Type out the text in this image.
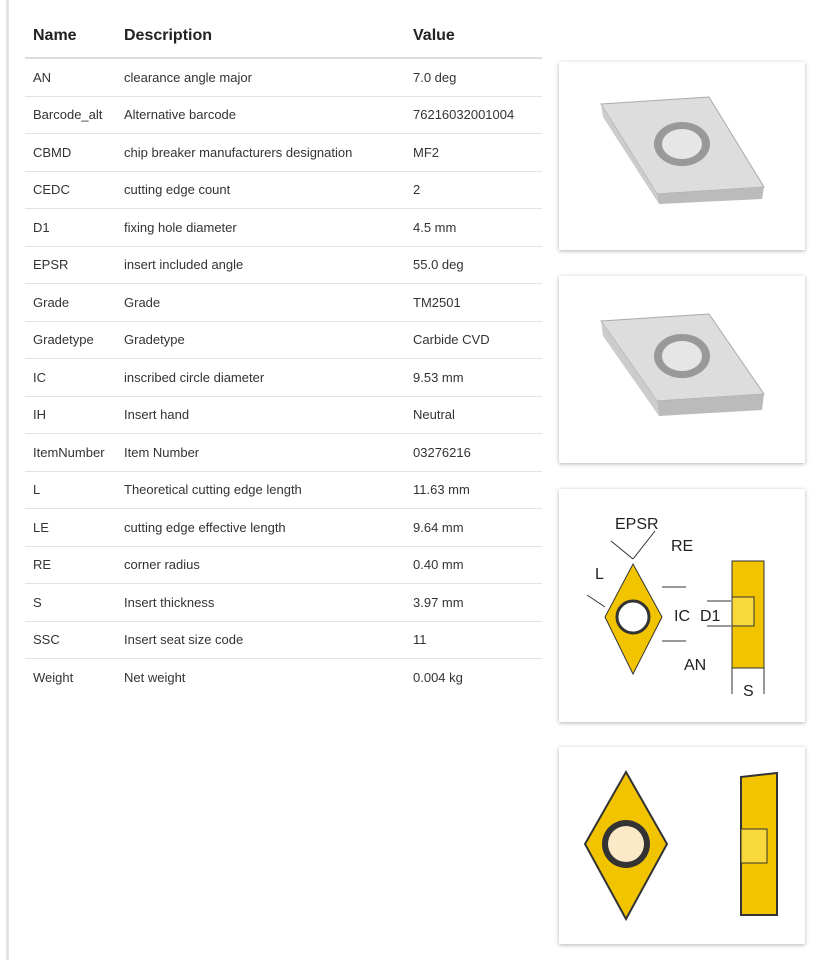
Name	Description	Value
AN	clearance angle major	7.0 deg
Barcode_alt	Alternative barcode	76216032001004
CBMD	chip breaker manufacturers designation	MF2
CEDC	cutting edge count	2
D1	fixing hole diameter	4.5 mm
EPSR	insert included angle	55.0 deg
Grade	Grade	TM2501
Gradetype	Gradetype	Carbide CVD
IC	inscribed circle diameter	9.53 mm
IH	Insert hand	Neutral
ItemNumber	Item Number	03276216
L	Theoretical cutting edge length	11.63 mm
LE	cutting edge effective length	9.64 mm
RE	corner radius	0.40 mm
S	Insert thickness	3.97 mm
SSC	Insert seat size code	11
Weight	Net weight	0.004 kg
EPSR
RE
L
IC D1
AN
S
